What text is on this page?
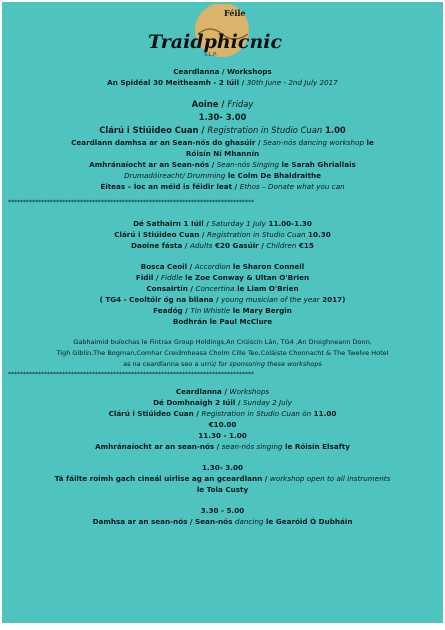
Féile
Traidphicnic
S.L.P.
Ceardlanna / Workshops
An Spidéal 30 Meitheamh - 2 Iúil / 30th June - 2nd July 2017
Aoine / Friday
1.30- 3.00
Clárú i Stiúideo Cuan / Registration in Studio Cuan 1.00
Ceardlann damhsa ar an Sean-nós do ghasúir / Sean-nós dancing workshop le
Róisín Ní Mhannín
Amhránaíocht ar an Sean-nós / Sean-nós Singing le Sarah Ghriallais
Drumadóireacht/ Drumming le Colm De Bhaldraithe
Éiteas – Íoc an méid is féidir leat / Ethos – Donate what you can
**********************************************************************************
Dé Sathairn 1 Iúil / Saturday 1 July 11.00-1.30
Clárú i Stiúideo Cuan / Registration in Studio Cuan 10.30
Daoine fásta / Adults €20 Gasúir / Children €15
Bosca Ceoil / Accordion le Sharon Connell
Fidil / Fiddle le Zoe Conway & Ultan O'Brien
Consairtín / Concertina le Liam O'Brien
( TG4 - Ceoltóir óg na bliana / young musician of the year 2017)
Feadóg / Tin Whistle le Mary Bergin
Bodhrán le Paul McClure
Gabhaimid buíochas le Fintrax Group Holdings,An Crúiscín Lán, TG4 ,An Droighneann Donn,
Tigh Giblin,The Bogman,Comhar Creidmheasa Cholm Cille Teo,Coláiste Chonnacht & The Twelve Hotel
as na ceardlanna seo a urrú/ for sponsoring these workshops
**********************************************************************************
Ceardlanna / Workshops
Dé Domhnaigh 2 Iúil / Sunday 2 July
Clárú i Stiúideo Cuan / Registration in Studio Cuan ón 11.00
€10.00
11.30 - 1.00
Amhránaíocht ar an sean-nós / sean-nós singing le Róisín Elsafty
1.30- 3.00
Tá fáilte roimh gach cineál uirlise ag an gceardlann / workshop open to all instruments
le Tola Custy
3.30 - 5.00
Damhsa ar an sean-nós / Sean-nós dancing le Gearóid Ó Dubháin
